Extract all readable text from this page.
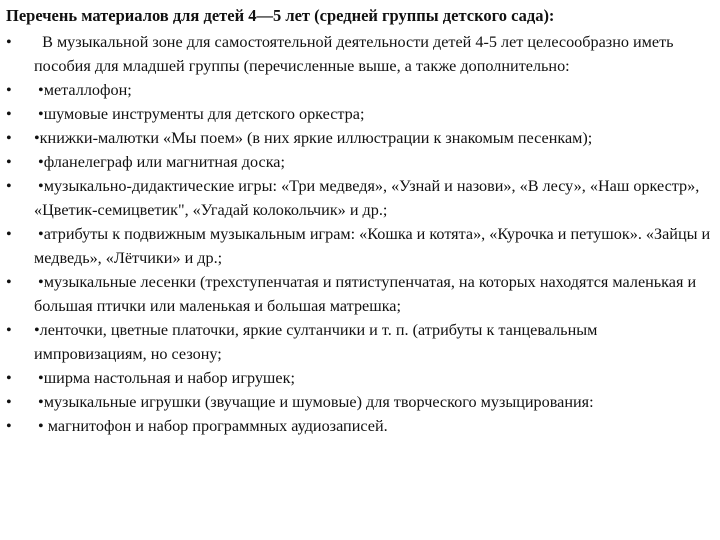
Перечень материалов для детей 4—5 лет (средней группы детского сада):
•	В музыкальной зоне для самостоятельной деятельности детей 4-5 лет целесообразно иметь пособия для младшей группы (перечисленные выше, а также дополнительно:
•	•металлофон;
•	•шумовые инструменты для детского оркестра;
•	•книжки-малютки «Мы поем» (в них яркие иллюстрации к знакомым песенкам);
•	•фланелеграф или магнитная доска;
•	•музыкально-дидактические игры: «Три медведя», «Узнай и назови», «В лесу», «Наш оркестр», «Цветик-семицветик", «Угадай колокольчик» и др.;
•	•атрибуты к подвижным музыкальным играм: «Кошка и котята», «Курочка и петушок». «Зайцы и медведь», «Лётчики» и др.;
•	•музыкальные лесенки (трехступенчатая и пятиступенчатая, на которых находятся маленькая и большая птички или маленькая и большая матрешка;
•	•ленточки, цветные платочки, яркие султанчики и т. п. (атрибуты к танцевальным импровизациям, но сезону;
•	•ширма настольная и набор игрушек;
•	•музыкальные игрушки (звучащие и шумовые) для творческого музыцирования:
•	• магнитофон и набор программных аудиозаписей.
